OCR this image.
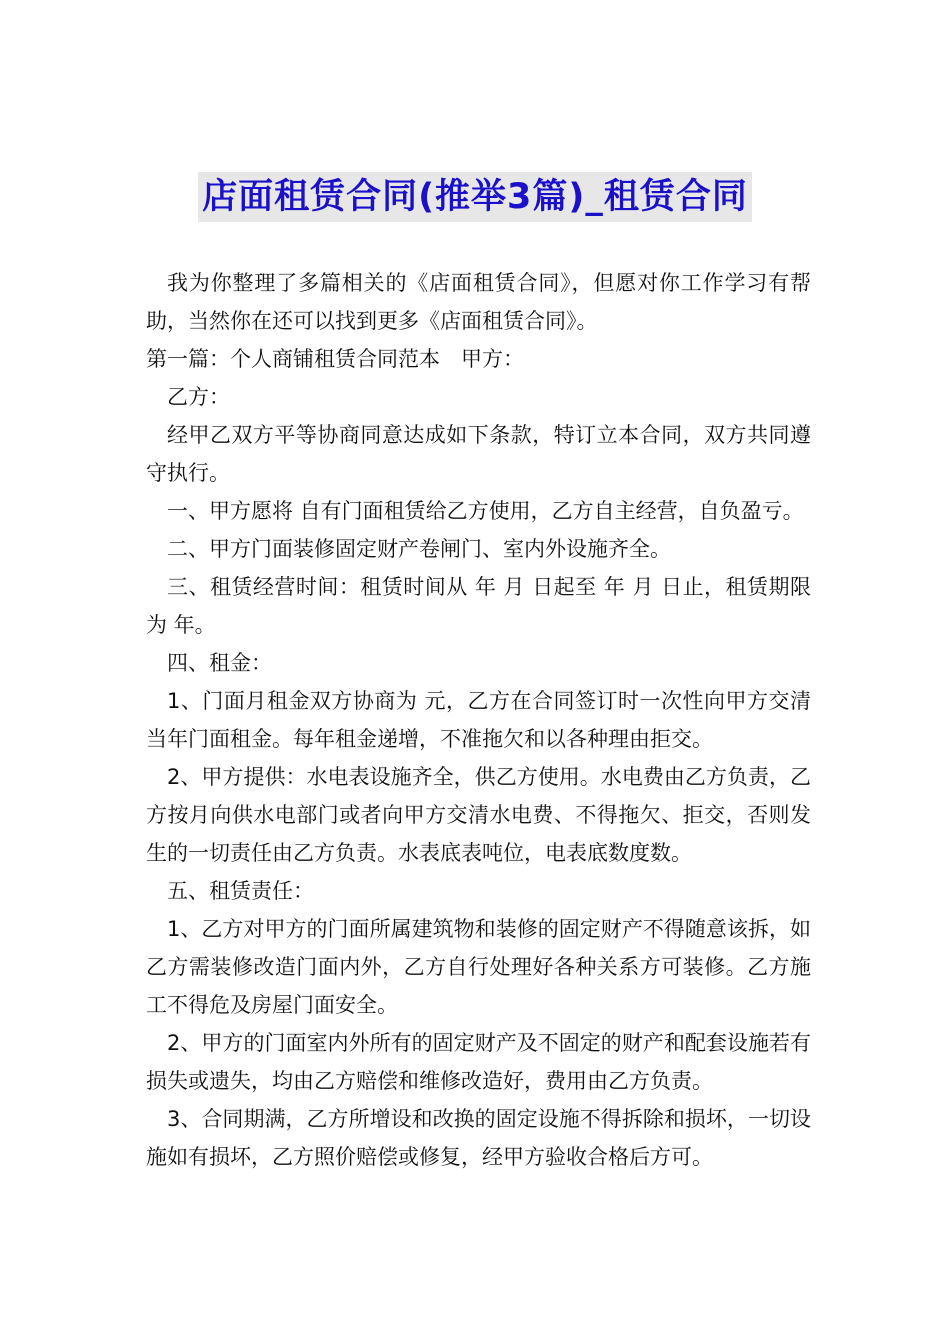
店面租赁合同(推举3篇)_租赁合同

我为你整理了多篇相关的《店面租赁合同》，但愿对你工作学习有帮助，当然你在还可以找到更多《店面租赁合同》。

第一篇：个人商铺租赁合同范本　甲方：

乙方：

经甲乙双方平等协商同意达成如下条款，特订立本合同，双方共同遵守执行。

一、甲方愿将 自有门面租赁给乙方使用，乙方自主经营，自负盈亏。

二、甲方门面装修固定财产卷闸门、室内外设施齐全。

三、租赁经营时间：租赁时间从 年 月 日起至 年 月 日止，租赁期限为 年。

四、租金：

1、门面月租金双方协商为 元，乙方在合同签订时一次性向甲方交清当年门面租金。每年租金递增，不准拖欠和以各种理由拒交。

2、甲方提供：水电表设施齐全，供乙方使用。水电费由乙方负责，乙方按月向供水电部门或者向甲方交清水电费、不得拖欠、拒交，否则发生的一切责任由乙方负责。水表底表吨位，电表底数度数。

五、租赁责任：

1、乙方对甲方的门面所属建筑物和装修的固定财产不得随意该拆，如乙方需装修改造门面内外，乙方自行处理好各种关系方可装修。乙方施工不得危及房屋门面安全。

2、甲方的门面室内外所有的固定财产及不固定的财产和配套设施若有损失或遗失，均由乙方赔偿和维修改造好，费用由乙方负责。

3、合同期满，乙方所增设和改换的固定设施不得拆除和损坏，一切设施如有损坏，乙方照价赔偿或修复，经甲方验收合格后方可。
